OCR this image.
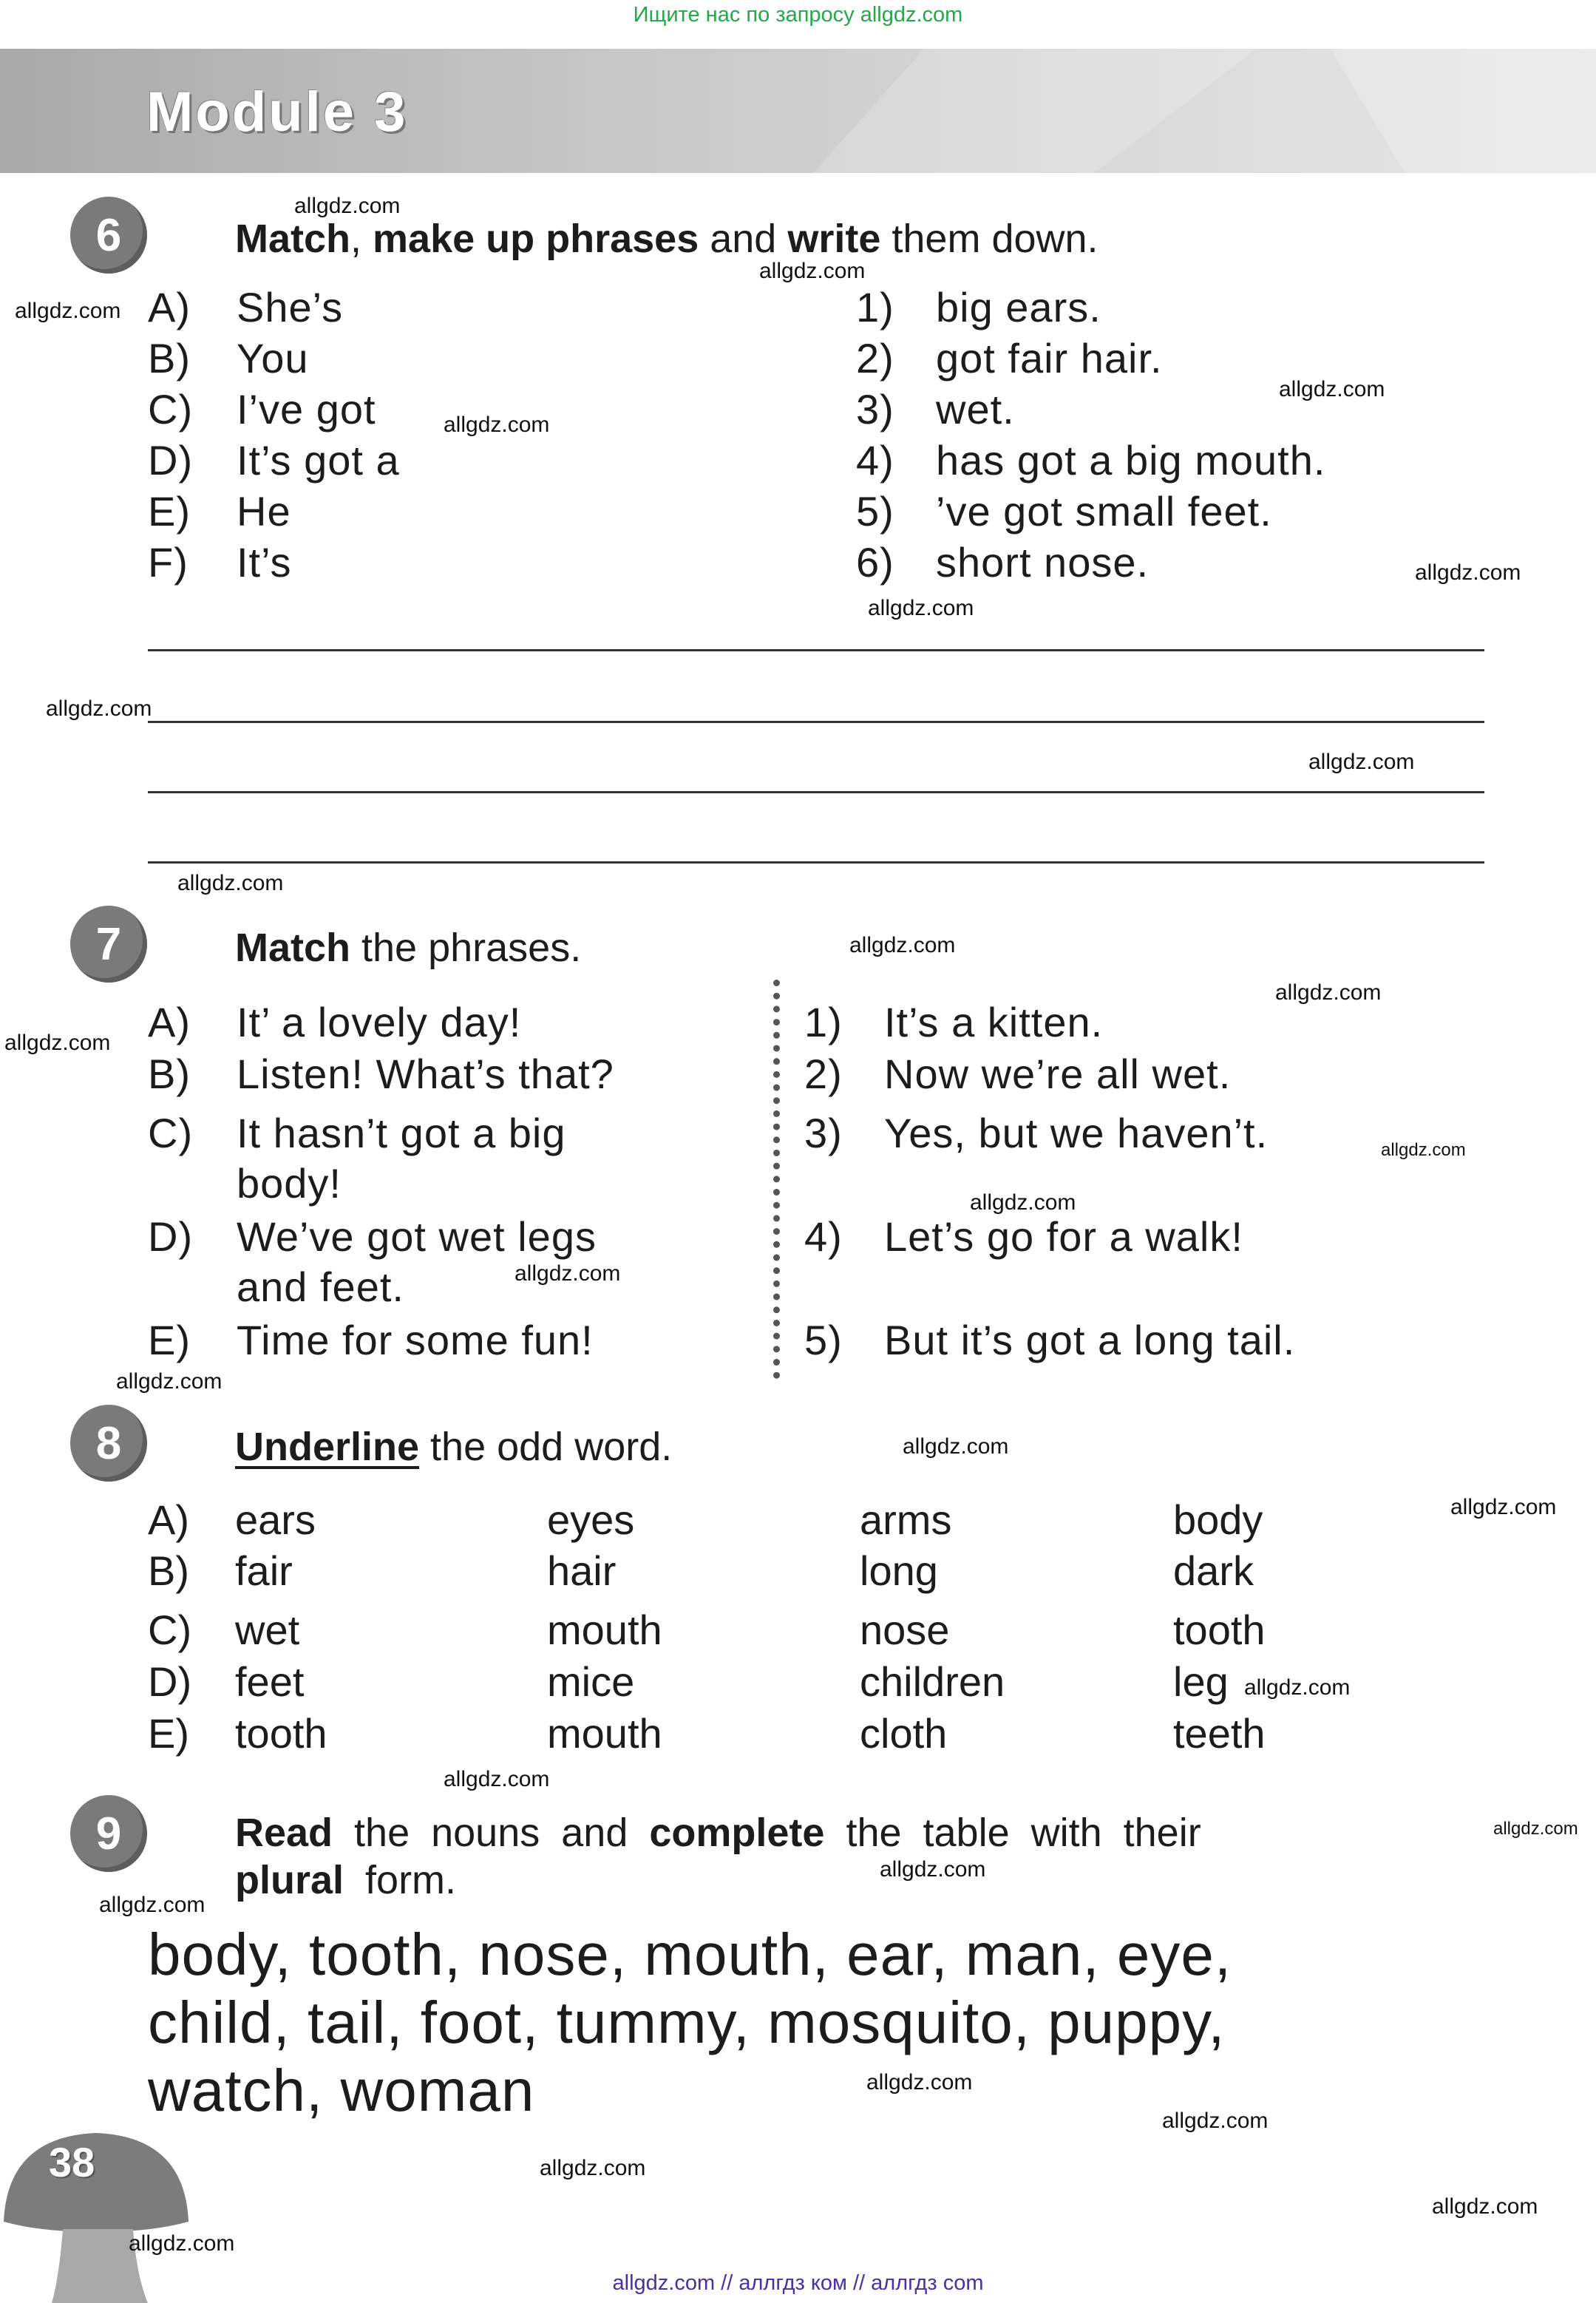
Ищите нас по запросу allgdz.com
Module 3
6	Match, make up phrases and write them down.
A) She’s
B) You
C) I’ve got
D) It’s got a
E) He
F) It’s
1) big ears.
2) got fair hair.
3) wet.
4) has got a big mouth.
5) ’ve got small feet.
6) short nose.
7	Match the phrases.
A) It’ a lovely day!
B) Listen! What’s that?
C) It hasn’t got a big
body!
D) We’ve got wet legs
and feet.
E) Time for some fun!
1) It’s a kitten.
2) Now we’re all wet.
3) Yes, but we haven’t.
4) Let’s go for a walk!
5) But it’s got a long tail.
8	Underline the odd word.
A) ears	eyes	arms	body
B) fair	hair	long	dark
C) wet	mouth	nose	tooth
D) feet	mice	children	leg
E) tooth	mouth	cloth	teeth
9	Read the nouns and complete the table with their
plural form.
body, tooth, nose, mouth, ear, man, eye,
child, tail, foot, tummy, mosquito, puppy,
watch, woman
38
allgdz.com
allgdz.com
allgdz.com
allgdz.com
allgdz.com
allgdz.com
allgdz.com
allgdz.com
allgdz.com
allgdz.com
allgdz.com
allgdz.com
allgdz.com
allgdz.com
allgdz.com
allgdz.com
allgdz.com
allgdz.com
allgdz.com
allgdz.com
allgdz.com
allgdz.com
allgdz.com
allgdz.com
allgdz.com
allgdz.com
allgdz.com
allgdz.com
allgdz.com
allgdz.com // аллгдз ком // аллгдз com
